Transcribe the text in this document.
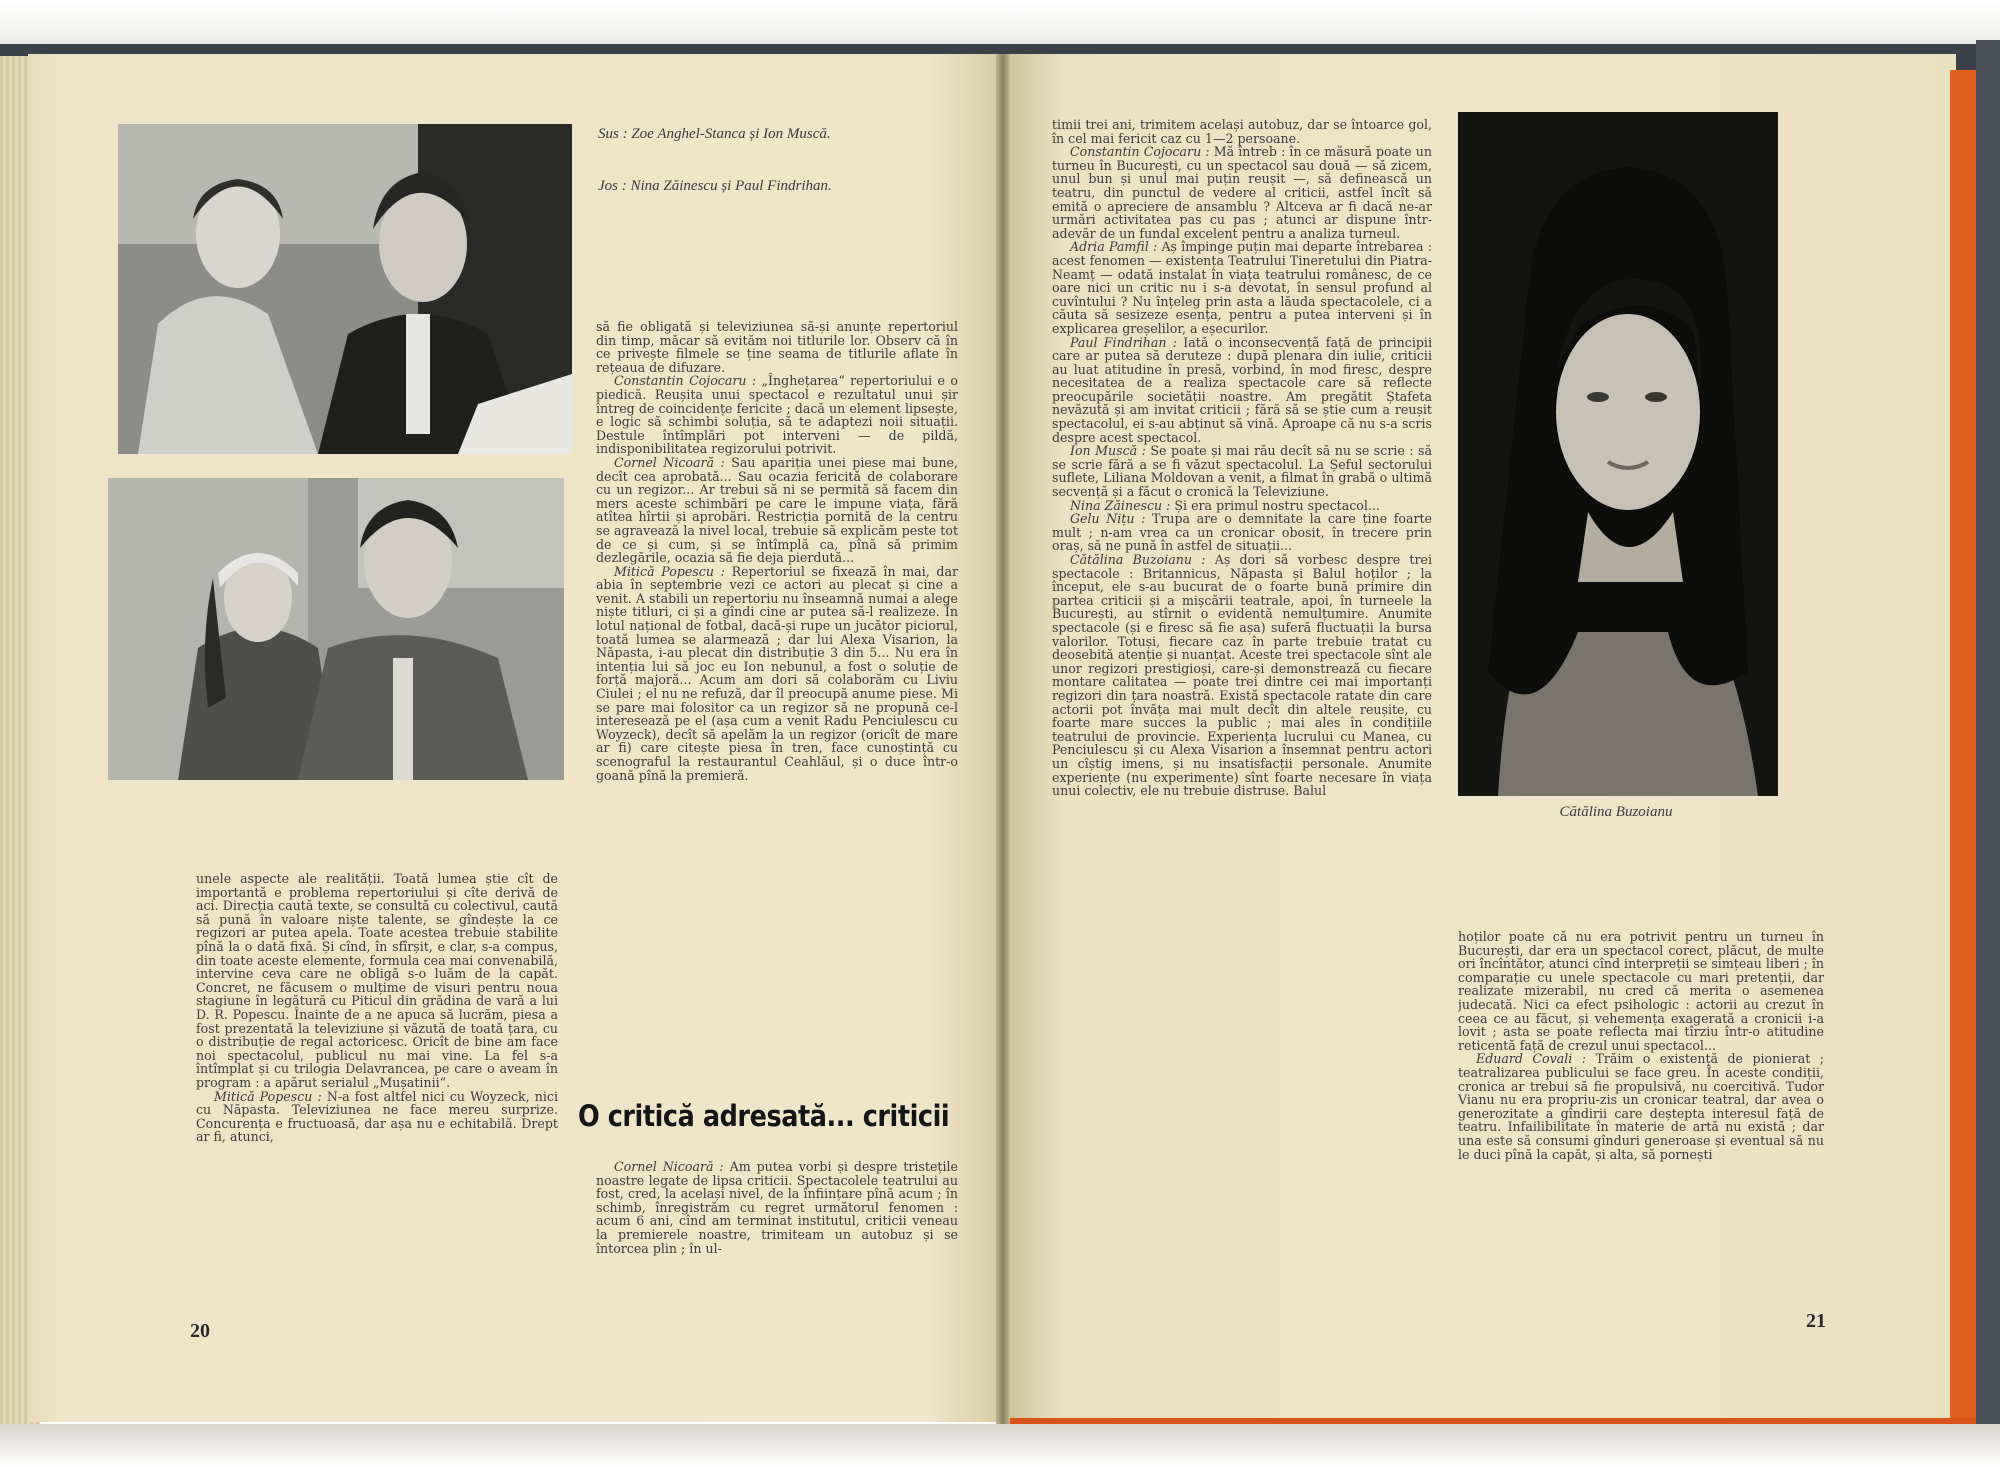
Sus : Zoe Anghel-Stanca și Ion Muscă.

Jos : Nina Zăinescu și Paul Findrihan.

unele aspecte ale realității. Toată lumea știe cît de importantă e problema repertoriului și cîte derivă de aci. Direcția caută texte, se consultă cu colectivul, caută să pună în valoare niște talente, se gîndește la ce regizori ar putea apela. Toate acestea trebuie stabilite pînă la o dată fixă. Și cînd, în sfîrșit, e clar, s-a compus, din toate aceste elemente, formula cea mai convenabilă, intervine ceva care ne obligă s-o luăm de la capăt. Concret, ne făcusem o mulțime de visuri pentru noua stagiune în legătură cu Piticul din grădina de vară a lui D. R. Popescu. Înainte de a ne apuca să lucrăm, piesa a fost prezentată la televiziune și văzută de toată țara, cu o distribuție de regal actoricesc. Oricît de bine am face noi spectacolul, publicul nu mai vine. La fel s-a întîmplat și cu trilogia Delavrancea, pe care o aveam în program : a apărut serialul „Mușatinii“.

Mitică Popescu : N-a fost altfel nici cu Woyzeck, nici cu Năpasta. Televiziunea ne face mereu surprize. Concurența e fructuoasă, dar așa nu e echitabilă. Drept ar fi, atunci,

să fie obligată și televiziunea să-și anunțe repertoriul din timp, măcar să evităm noi titlurile lor. Observ că în ce privește filmele se ține seama de titlurile aflate în rețeaua de difuzare.

Constantin Cojocaru : „Înghețarea“ repertoriului e o piedică. Reușita unui spectacol e rezultatul unui șir întreg de coincidențe fericite ; dacă un element lipsește, e logic să schimbi soluția, să te adaptezi noii situații. Destule întîmplări pot interveni — de pildă, indisponibilitatea regizorului potrivit.

Cornel Nicoară : Sau apariția unei piese mai bune, decît cea aprobată... Sau ocazia fericită de colaborare cu un regizor... Ar trebui să ni se permită să facem din mers aceste schimbări pe care le impune viața, fără atîtea hîrtii și aprobări. Restricția pornită de la centru se agravează la nivel local, trebuie să explicăm peste tot de ce și cum, și se întîmplă ca, pînă să primim dezlegările, ocazia să fie deja pierdută...

Mitică Popescu : Repertoriul se fixează în mai, dar abia în septembrie vezi ce actori au plecat și cine a venit. A stabili un repertoriu nu înseamnă numai a alege niște titluri, ci și a gîndi cine ar putea să-l realizeze. În lotul național de fotbal, dacă-și rupe un jucător piciorul, toată lumea se alarmează ; dar lui Alexa Visarion, la Năpasta, i-au plecat din distribuție 3 din 5... Nu era în intenția lui să joc eu Ion nebunul, a fost o soluție de forță majoră... Acum am dori să colaborăm cu Liviu Ciulei ; el nu ne refuză, dar îl preocupă anume piese. Mi se pare mai folositor ca un regizor să ne propună ce-l interesează pe el (așa cum a venit Radu Penciulescu cu Woyzeck), decît să apelăm la un regizor (oricît de mare ar fi) care citește piesa în tren, face cunoștință cu scenograful la restaurantul Ceahlăul, și o duce într-o goană pînă la premieră.

O critică adresată... criticii

Cornel Nicoară : Am putea vorbi și despre tristețile noastre legate de lipsa criticii. Spectacolele teatrului au fost, cred, la același nivel, de la înființare pînă acum ; în schimb, înregistrăm cu regret următorul fenomen : acum 6 ani, cînd am terminat institutul, criticii veneau la premierele noastre, trimiteam un autobuz și se întorcea plin ; în ul-

20

timii trei ani, trimitem același autobuz, dar se întoarce gol, în cel mai fericit caz cu 1—2 persoane.

Constantin Cojocaru : Mă întreb : în ce măsură poate un turneu în București, cu un spectacol sau două — să zicem, unul bun și unul mai puțin reușit —, să definească un teatru, din punctul de vedere al criticii, astfel încît să emită o apreciere de ansamblu ? Altceva ar fi dacă ne-ar urmări activitatea pas cu pas ; atunci ar dispune într-adevăr de un fundal excelent pentru a analiza turneul.

Adria Pamfil : Aș împinge puțin mai departe întrebarea : acest fenomen — existența Teatrului Tineretului din Piatra-Neamț — odată instalat în viața teatrului românesc, de ce oare nici un critic nu i s-a devotat, în sensul profund al cuvîntului ? Nu înțeleg prin asta a lăuda spectacolele, ci a căuta să sesizeze esența, pentru a putea interveni și în explicarea greșelilor, a eșecurilor.

Paul Findrihan : Iată o inconsecvență față de principii care ar putea să deruteze : după plenara din iulie, criticii au luat atitudine în presă, vorbind, în mod firesc, despre necesitatea de a realiza spectacole care să reflecte preocupările societății noastre. Am pregătit Ștafeta nevăzută și am invitat criticii ; fără să se știe cum a reușit spectacolul, ei s-au abținut să vină. Aproape că nu s-a scris despre acest spectacol.

Ion Muscă : Se poate și mai rău decît să nu se scrie : să se scrie fără a se fi văzut spectacolul. La Șeful sectorului suflete, Liliana Moldovan a venit, a filmat în grabă o ultimă secvență și a făcut o cronică la Televiziune.

Nina Zăinescu : Și era primul nostru spectacol...

Gelu Nițu : Trupa are o demnitate la care ține foarte mult ; n-am vrea ca un cronicar obosit, în trecere prin oraș, să ne pună în astfel de situații...

Cătălina Buzoianu : Aș dori să vorbesc despre trei spectacole : Britannicus, Năpasta și Balul hoților ; la început, ele s-au bucurat de o foarte bună primire din partea criticii și a mișcării teatrale, apoi, în turneele la București, au stîrnit o evidentă nemulțumire. Anumite spectacole (și e firesc să fie așa) suferă fluctuații la bursa valorilor. Totuși, fiecare caz în parte trebuie tratat cu deosebită atenție și nuanțat. Aceste trei spectacole sînt ale unor regizori prestigioși, care-și demonstrează cu fiecare montare calitatea — poate trei dintre cei mai importanți regizori din țara noastră. Există spectacole ratate din care actorii pot învăța mai mult decît din altele reușite, cu foarte mare succes la public ; mai ales în condițiile teatrului de provincie. Experiența lucrului cu Manea, cu Penciulescu și cu Alexa Visarion a însemnat pentru actori un cîștig imens, și nu insatisfacții personale. Anumite experiențe (nu experimente) sînt foarte necesare în viața unui colectiv, ele nu trebuie distruse. Balul

Cătălina Buzoianu

hoților poate că nu era potrivit pentru un turneu în București, dar era un spectacol corect, plăcut, de multe ori încîntător, atunci cînd interpreții se simțeau liberi ; în comparație cu unele spectacole cu mari pretenții, dar realizate mizerabil, nu cred că merita o asemenea judecată. Nici ca efect psihologic : actorii au crezut în ceea ce au făcut, și vehemența exagerată a cronicii i-a lovit ; asta se poate reflecta mai tîrziu într-o atitudine reticentă față de crezul unui spectacol...

Eduard Covali : Trăim o existență de pionierat ; teatralizarea publicului se face greu. În aceste condiții, cronica ar trebui să fie propulsivă, nu coercitivă. Tudor Vianu nu era propriu-zis un cronicar teatral, dar avea o generozitate a gîndirii care deștepta interesul față de teatru. Infailibilitate în materie de artă nu există ; dar una este să consumi gînduri generoase și eventual să nu le duci pînă la capăt, și alta, să pornești

21
